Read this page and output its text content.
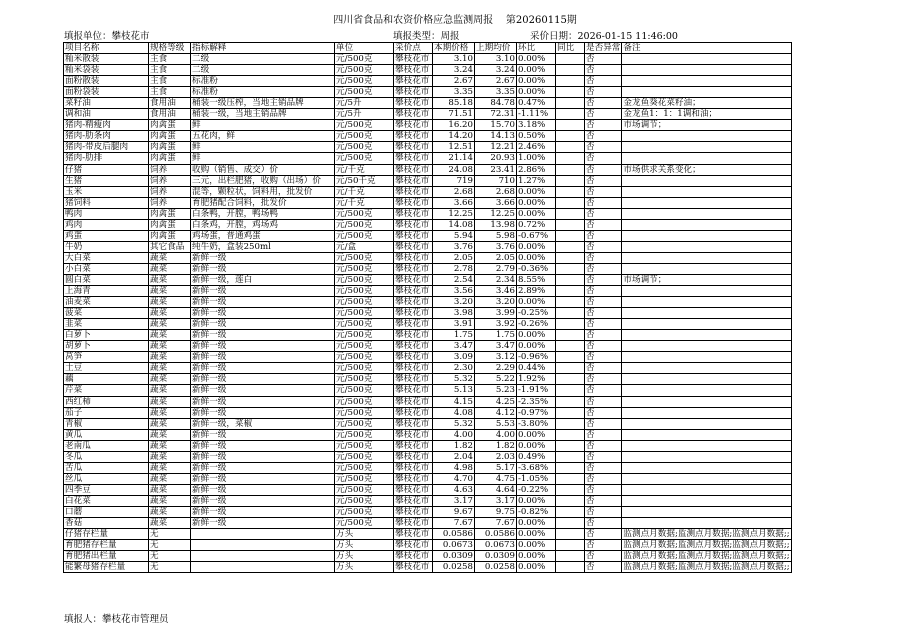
四川省食品和农资价格应急监测周报 第20260115期
填报单位：攀枝花市	填报类型：周报	采价日期：2026-01-15 11:46:00
项目名称	规格等级	指标解释	单位	采价点	本期价格	上期均价	环比	同比	是否异常	备注
籼米散装	主食	二级	元/500克	攀枝花市	3.10	3.10	0.00%		否	
籼米袋装	主食	二级	元/500克	攀枝花市	3.24	3.24	0.00%		否	
面粉散装	主食	标准粉	元/500克	攀枝花市	2.67	2.67	0.00%		否	
面粉袋装	主食	标准粉	元/500克	攀枝花市	3.35	3.35	0.00%		否	
菜籽油	食用油	桶装一级压榨，当地主销品牌	元/5升	攀枝花市	85.18	84.78	0.47%		否	金龙鱼葵花菜籽油；
调和油	食用油	桶装一级，当地主销品牌	元/5升	攀枝花市	71.51	72.31	-1.11%		否	金龙鱼1：1：1调和油；
猪肉-精瘦肉	肉禽蛋	鲜	元/500克	攀枝花市	16.20	15.70	3.18%		否	市场调节；
猪肉-肋条肉	肉禽蛋	五花肉，鲜	元/500克	攀枝花市	14.20	14.13	0.50%		否	
猪肉-带皮后腿肉	肉禽蛋	鲜	元/500克	攀枝花市	12.51	12.21	2.46%		否	
猪肉-肋排	肉禽蛋	鲜	元/500克	攀枝花市	21.14	20.93	1.00%		否	
仔猪	饲养	收购（销售、成交）价	元/千克	攀枝花市	24.08	23.41	2.86%		否	市场供求关系变化；
生猪	饲养	三元，出栏肥猪，收购（出场）价	元/50千克	攀枝花市	719	710	1.27%		否	
玉米	饲养	混等，颗粒状，饲料用，批发价	元/千克	攀枝花市	2.68	2.68	0.00%		否	
猪饲料	饲养	育肥猪配合饲料，批发价	元/千克	攀枝花市	3.66	3.66	0.00%		否	
鸭肉	肉禽蛋	白条鸭，开膛，鸭场鸭	元/500克	攀枝花市	12.25	12.25	0.00%		否	
鸡肉	肉禽蛋	白条鸡，开膛，鸡场鸡	元/500克	攀枝花市	14.08	13.98	0.72%		否	
鸡蛋	肉禽蛋	鸡场蛋，普通鸡蛋	元/500克	攀枝花市	5.94	5.98	-0.67%		否	
牛奶	其它食品	纯牛奶，盒装250ml	元/盒	攀枝花市	3.76	3.76	0.00%		否	
大白菜	蔬菜	新鲜一级	元/500克	攀枝花市	2.05	2.05	0.00%		否	
小白菜	蔬菜	新鲜一级	元/500克	攀枝花市	2.78	2.79	-0.36%		否	
圆白菜	蔬菜	新鲜一级，莲白	元/500克	攀枝花市	2.54	2.34	8.55%		否	市场调节；
上海青	蔬菜	新鲜一级	元/500克	攀枝花市	3.56	3.46	2.89%		否	
油麦菜	蔬菜	新鲜一级	元/500克	攀枝花市	3.20	3.20	0.00%		否	
菠菜	蔬菜	新鲜一级	元/500克	攀枝花市	3.98	3.99	-0.25%		否	
韭菜	蔬菜	新鲜一级	元/500克	攀枝花市	3.91	3.92	-0.26%		否	
白萝卜	蔬菜	新鲜一级	元/500克	攀枝花市	1.75	1.75	0.00%		否	
胡萝卜	蔬菜	新鲜一级	元/500克	攀枝花市	3.47	3.47	0.00%		否	
莴笋	蔬菜	新鲜一级	元/500克	攀枝花市	3.09	3.12	-0.96%		否	
土豆	蔬菜	新鲜一级	元/500克	攀枝花市	2.30	2.29	0.44%		否	
藕	蔬菜	新鲜一级	元/500克	攀枝花市	5.32	5.22	1.92%		否	
芹菜	蔬菜	新鲜一级	元/500克	攀枝花市	5.13	5.23	-1.91%		否	
西红柿	蔬菜	新鲜一级	元/500克	攀枝花市	4.15	4.25	-2.35%		否	
茄子	蔬菜	新鲜一级	元/500克	攀枝花市	4.08	4.12	-0.97%		否	
青椒	蔬菜	新鲜一级，菜椒	元/500克	攀枝花市	5.32	5.53	-3.80%		否	
黄瓜	蔬菜	新鲜一级	元/500克	攀枝花市	4.00	4.00	0.00%		否	
老南瓜	蔬菜	新鲜一级	元/500克	攀枝花市	1.82	1.82	0.00%		否	
冬瓜	蔬菜	新鲜一级	元/500克	攀枝花市	2.04	2.03	0.49%		否	
苦瓜	蔬菜	新鲜一级	元/500克	攀枝花市	4.98	5.17	-3.68%		否	
丝瓜	蔬菜	新鲜一级	元/500克	攀枝花市	4.70	4.75	-1.05%		否	
四季豆	蔬菜	新鲜一级	元/500克	攀枝花市	4.63	4.64	-0.22%		否	
白花菜	蔬菜	新鲜一级	元/500克	攀枝花市	3.17	3.17	0.00%		否	
口蘑	蔬菜	新鲜一级	元/500克	攀枝花市	9.67	9.75	-0.82%		否	
香菇	蔬菜	新鲜一级	元/500克	攀枝花市	7.67	7.67	0.00%		否	
仔猪存栏量	无		万头	攀枝花市	0.0586	0.0586	0.00%		否	监测点月数据;监测点月数据;监测点月数据;;
育肥猪存栏量	无		万头	攀枝花市	0.0673	0.0673	0.00%		否	监测点月数据;监测点月数据;监测点月数据;;
育肥猪出栏量	无		万头	攀枝花市	0.0309	0.0309	0.00%		否	监测点月数据;监测点月数据;监测点月数据;;
能繁母猪存栏量	无		万头	攀枝花市	0.0258	0.0258	0.00%		否	监测点月数据;监测点月数据;监测点月数据;;
填报人：攀枝花市管理员
